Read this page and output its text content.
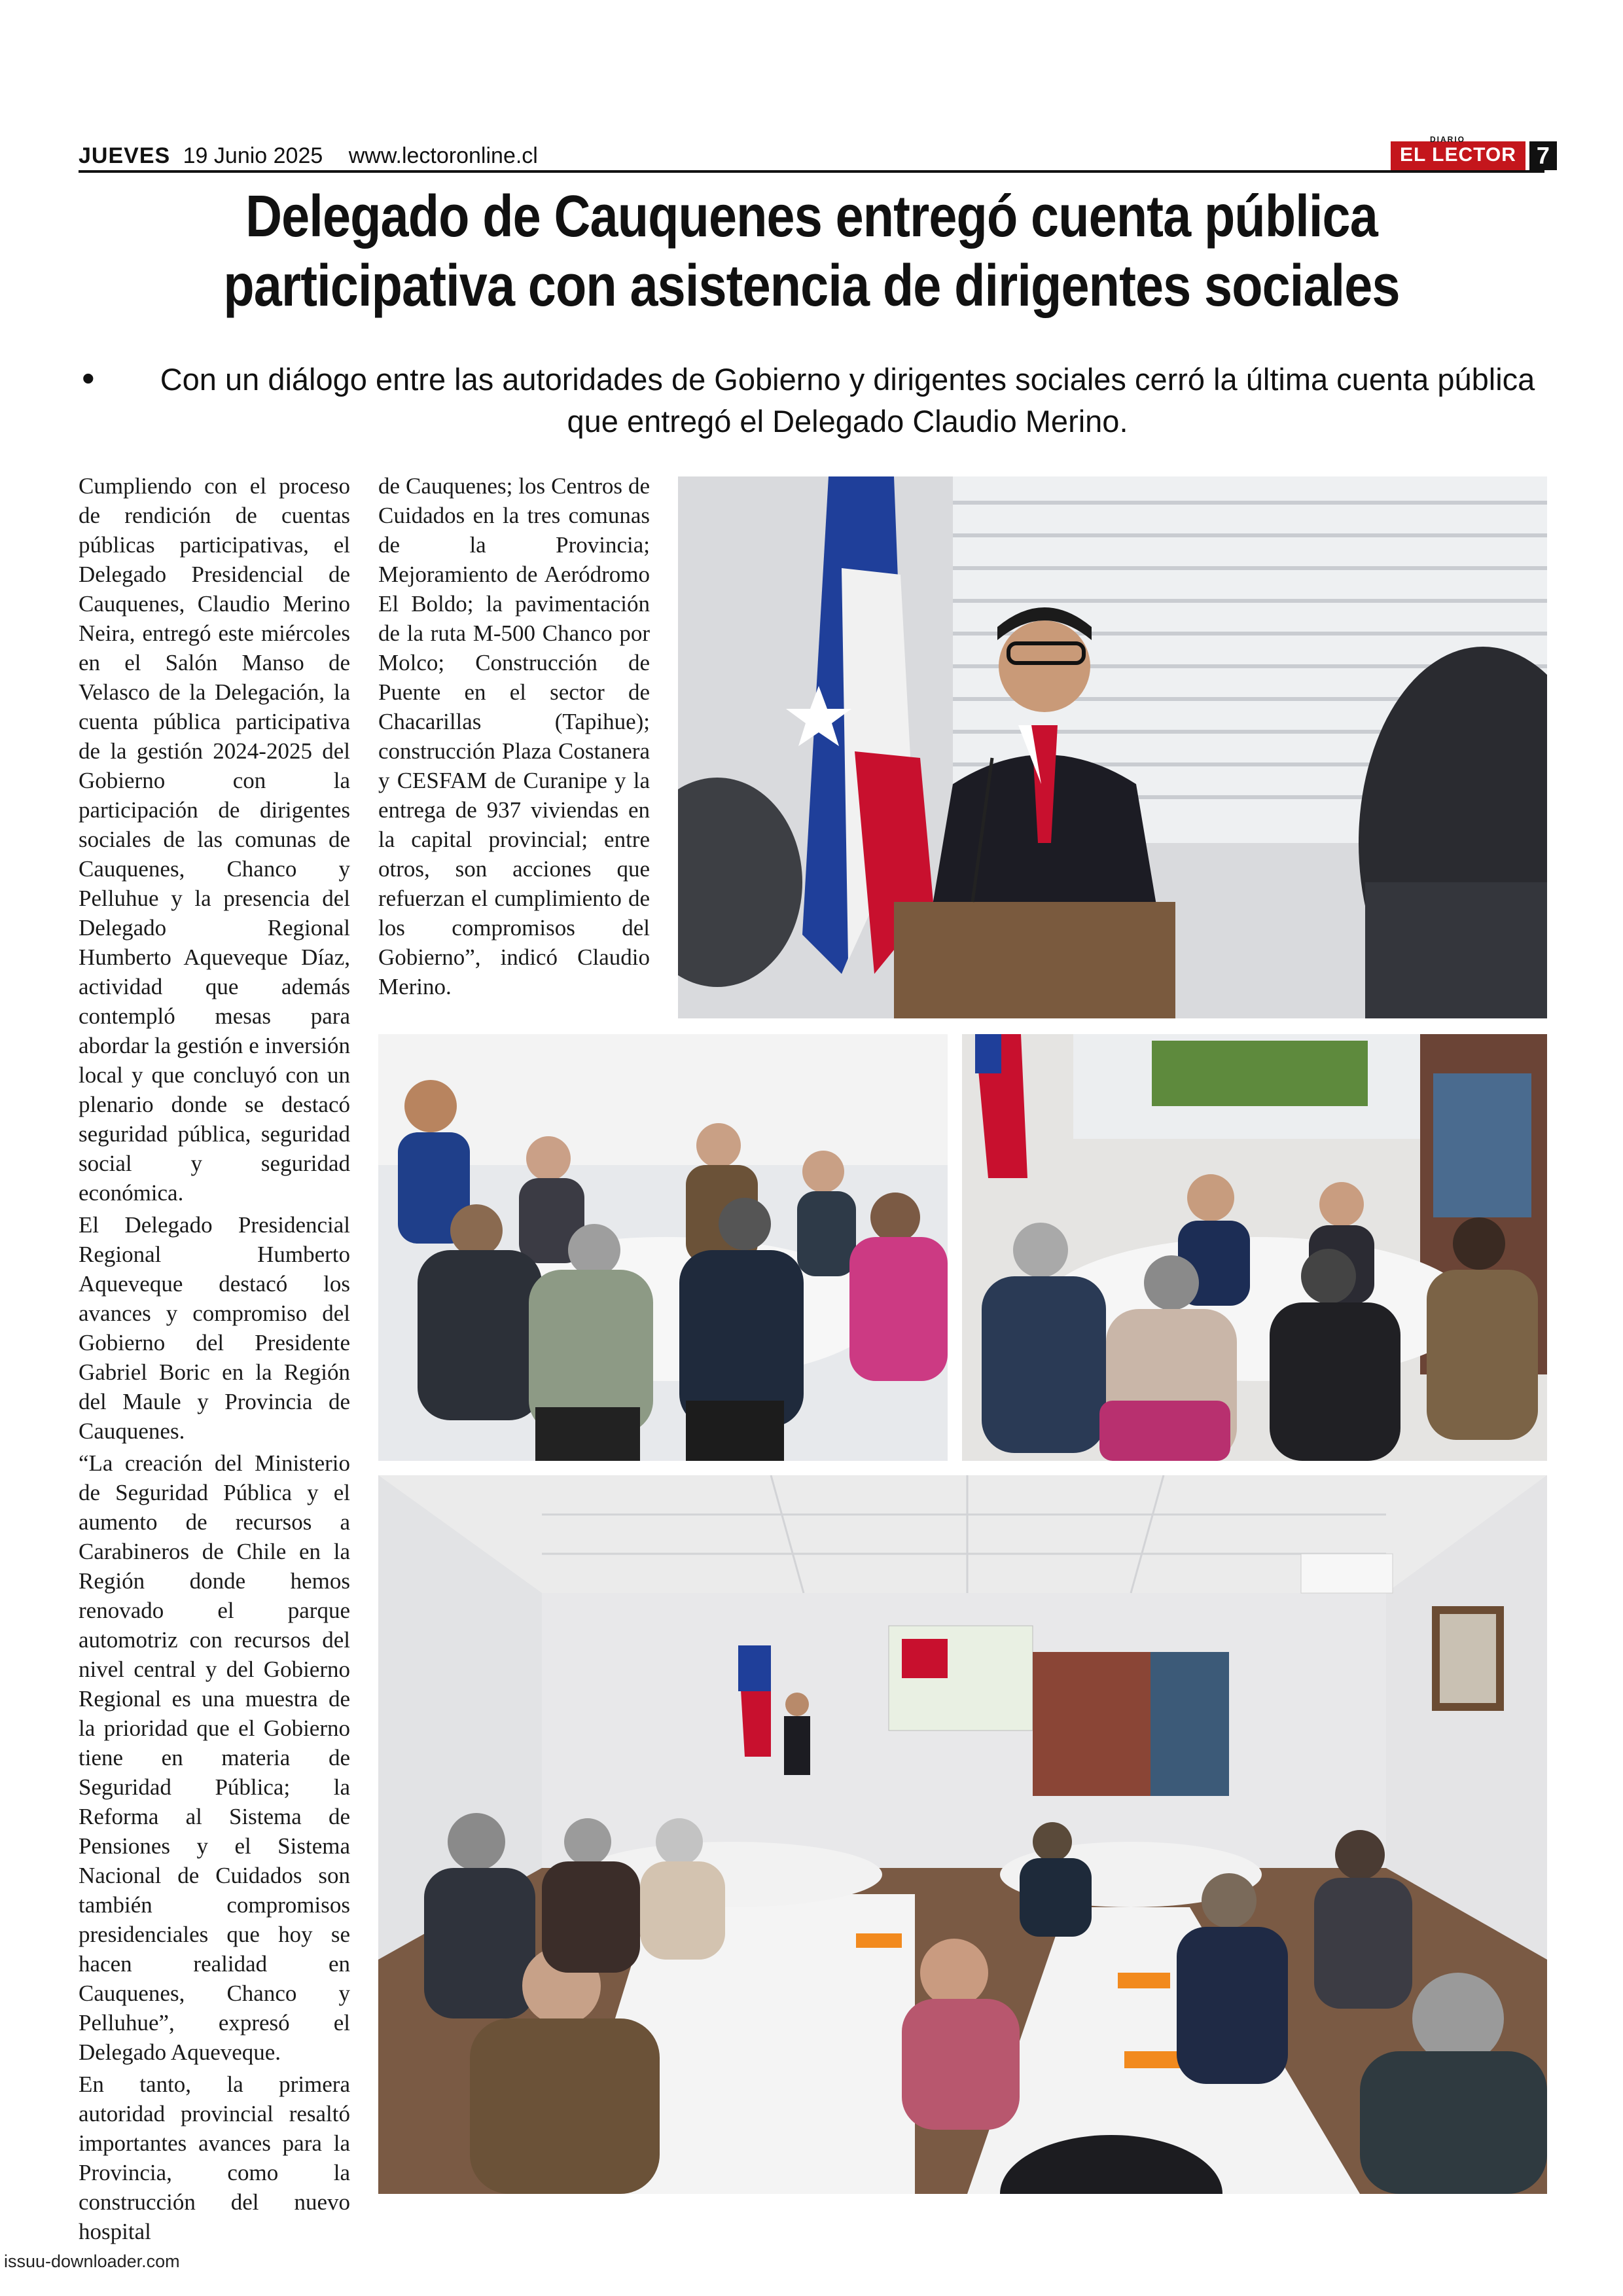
JUEVES 19 Junio 2025 www.lectoronline.cl
DIARIO
EL LECTOR 7
Delegado de Cauquenes entregó cuenta pública
participativa con asistencia de dirigentes sociales
•	Con un diálogo entre las autoridades de Gobierno y dirigentes sociales cerró la última cuenta pública que entregó el Delegado Claudio Merino.

Cumpliendo con el proceso de rendición de cuentas públicas participativas, el Delegado Presidencial de Cauquenes, Claudio Merino Neira, entregó este miércoles en el Salón Manso de Velasco de la Delegación, la cuenta pública participativa de la gestión 2024-2025 del Gobierno con la participación de dirigentes sociales de las comunas de Cauquenes, Chanco y Pelluhue y la presencia del Delegado Regional Humberto Aqueveque Díaz, actividad que además contempló mesas para abordar la gestión e inversión local y que concluyó con un plenario donde se destacó seguridad pública, seguridad social y seguridad económica.

El Delegado Presidencial Regional Humberto Aqueveque destacó los avances y compromiso del Gobierno del Presidente Gabriel Boric en la Región del Maule y Provincia de Cauquenes.

“La creación del Ministerio de Seguridad Pública y el aumento de recursos a Carabineros de Chile en la Región donde hemos renovado el parque automotriz con recursos del nivel central y del Gobierno Regional es una muestra de la prioridad que el Gobierno tiene en materia de Seguridad Pública; la Reforma al Sistema de Pensiones y el Sistema Nacional de Cuidados son también compromisos presidenciales que hoy se hacen realidad en Cauquenes, Chanco y Pelluhue”, expresó el Delegado Aqueveque.

En tanto, la primera autoridad provincial resaltó importantes avances para la Provincia, como la construcción del nuevo hospital

de Cauquenes; los Centros de Cuidados en la tres comunas de la Provincia; Mejoramiento de Aeródromo El Boldo; la pavimentación de la ruta M-500 Chanco por Molco; Construcción de Puente en el sector de Chacarillas (Tapihue); construcción Plaza Costanera y CESFAM de Curanipe y la entrega de 937 viviendas en la capital provincial; entre otros, son acciones que refuerzan el cumplimiento de los compromisos del Gobierno”, indicó Claudio Merino.

issuu-downloader.com
